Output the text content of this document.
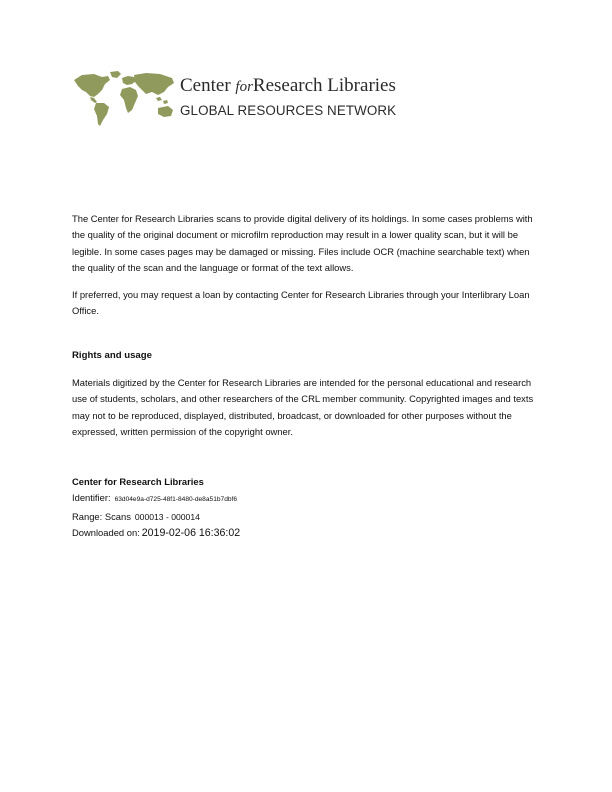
Center forResearch Libraries
GLOBAL RESOURCES NETWORK

The Center for Research Libraries scans to provide digital delivery of its holdings. In some cases problems with the quality of the original document or microfilm reproduction may result in a lower quality scan, but it will be legible. In some cases pages may be damaged or missing. Files include OCR (machine searchable text) when the quality of the scan and the language or format of the text allows.

If preferred, you may request a loan by contacting Center for Research Libraries through your Interlibrary Loan Office.

Rights and usage

Materials digitized by the Center for Research Libraries are intended for the personal educational and research use of students, scholars, and other researchers of the CRL member community. Copyrighted images and texts may not to be reproduced, displayed, distributed, broadcast, or downloaded for other purposes without the expressed, written permission of the copyright owner.

Center for Research Libraries
Identifier: 63d04e9a-d725-48f1-8480-de8a51b7dbf6
Range: Scans 000013 - 000014
Downloaded on: 2019-02-06 16:36:02
